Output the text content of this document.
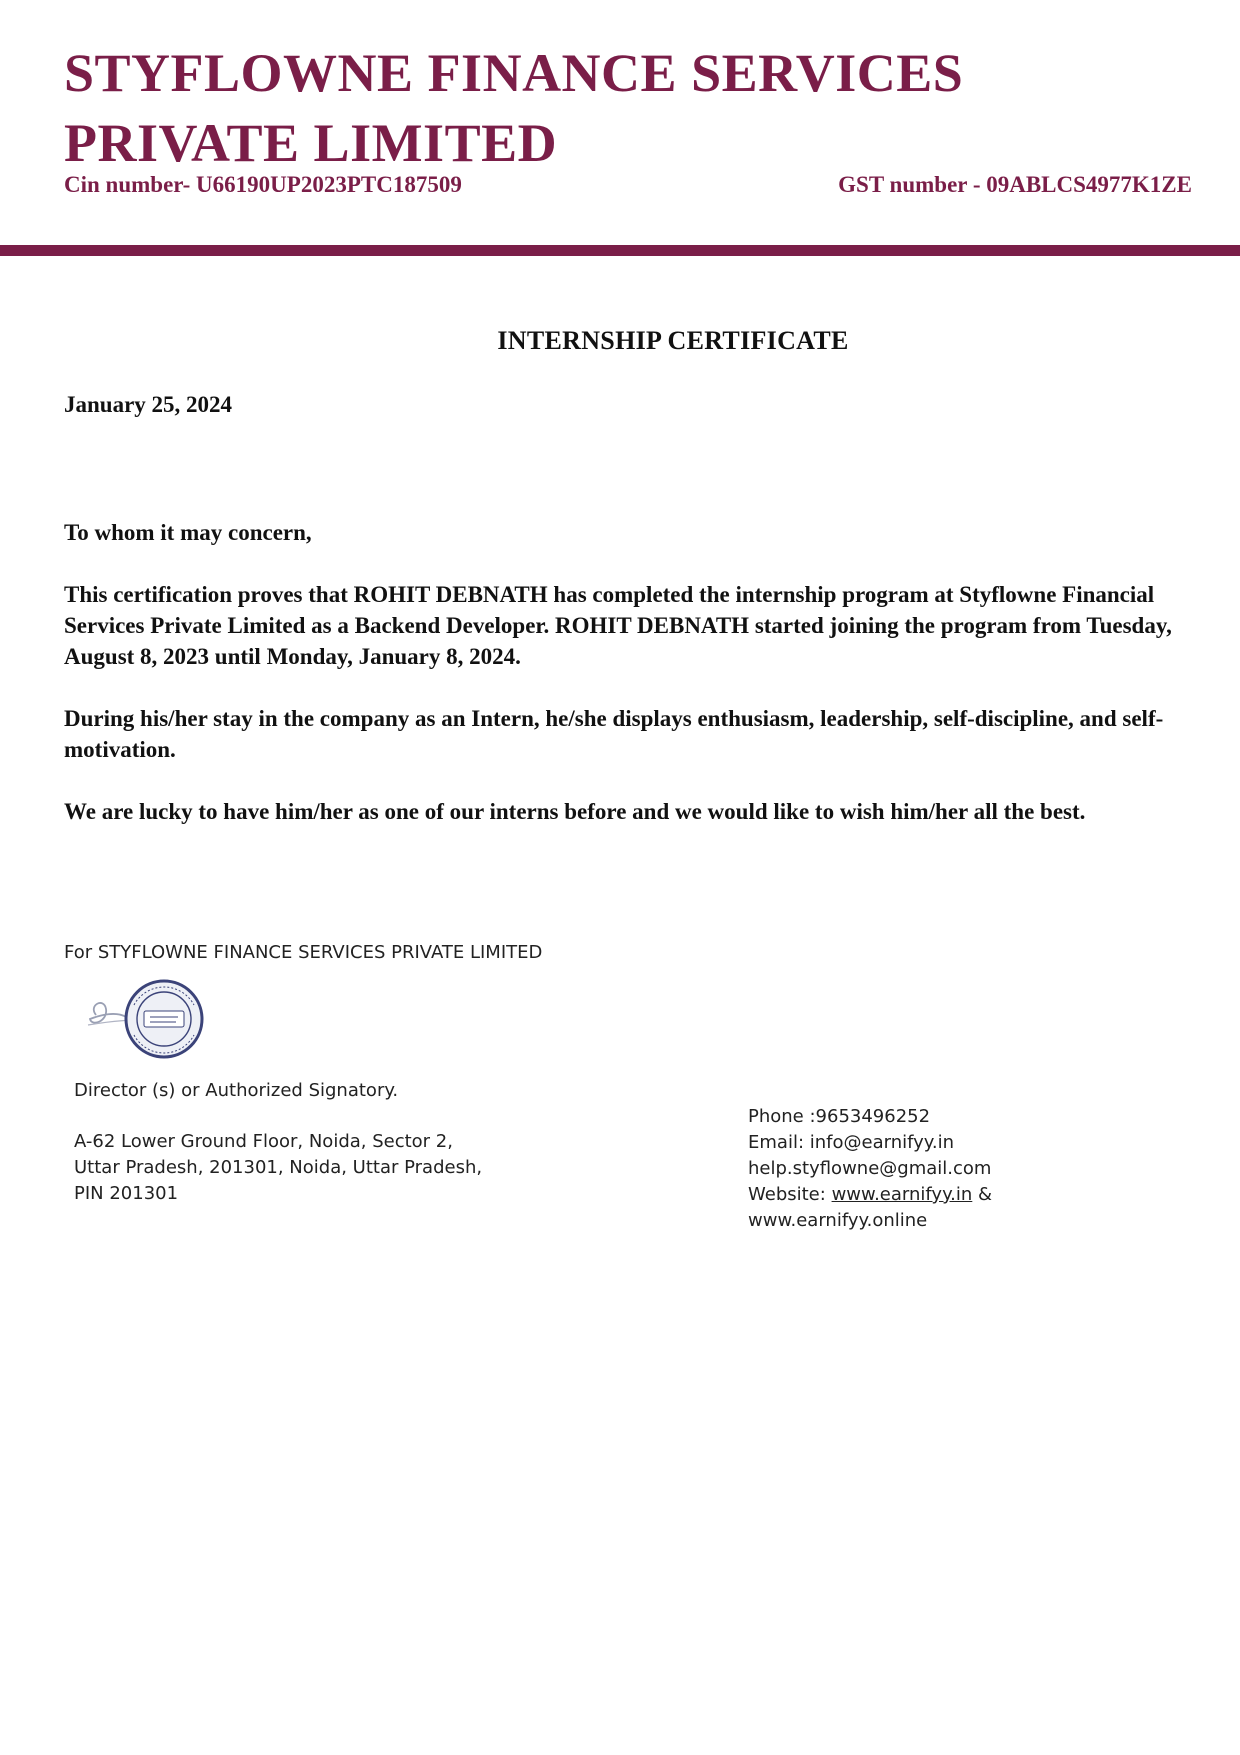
STYFLOWNE FINANCE SERVICES PRIVATE LIMITED
Cin number- U66190UP2023PTC187509	GST number - 09ABLCS4977K1ZE
INTERNSHIP CERTIFICATE
January 25, 2024
To whom it may concern,
This certification proves that ROHIT DEBNATH has completed the internship program at Styflowne Financial Services Private Limited as a Backend Developer. ROHIT DEBNATH started joining the program from Tuesday, August 8, 2023 until Monday, January 8, 2024.
During his/her stay in the company as an Intern, he/she displays enthusiasm, leadership, self-discipline, and self-motivation.
We are lucky to have him/her as one of our interns before and we would like to wish him/her all the best.
For STYFLOWNE FINANCE SERVICES PRIVATE LIMITED
Director (s) or Authorized Signatory.
A-62 Lower Ground Floor, Noida, Sector 2,
Uttar Pradesh, 201301, Noida, Uttar Pradesh,
PIN 201301
Phone :9653496252
Email: info@earnifyy.in
help.styflowne@gmail.com
Website: www.earnifyy.in &
www.earnifyy.online
